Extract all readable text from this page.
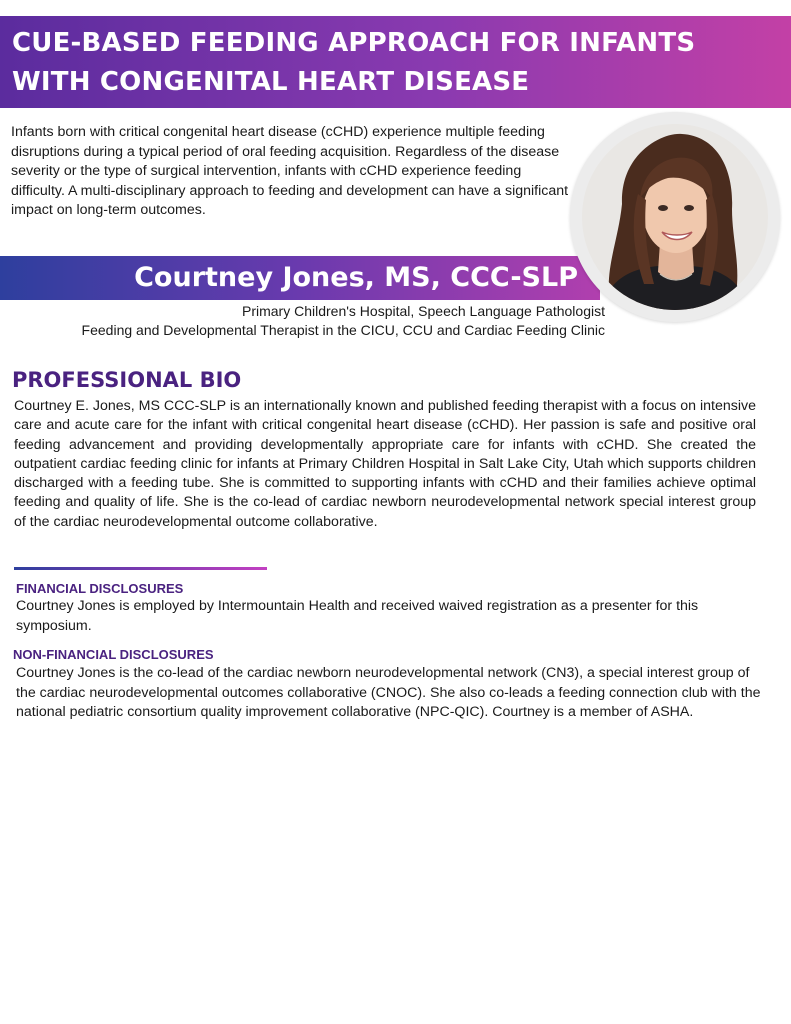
CUE-BASED FEEDING APPROACH FOR INFANTS WITH CONGENITAL HEART DISEASE
Infants born with critical congenital heart disease (cCHD) experience multiple feeding disruptions during a typical period of oral feeding acquisition. Regardless of the disease severity or the type of surgical intervention, infants with cCHD experience feeding difficulty. A multi-disciplinary approach to feeding and development can have a significant impact on long-term outcomes.
Courtney Jones, MS, CCC-SLP
Primary Children's Hospital, Speech Language Pathologist
Feeding and Developmental Therapist in the CICU, CCU and Cardiac Feeding Clinic
PROFESSIONAL BIO
Courtney E. Jones, MS CCC-SLP is an internationally known and published feeding therapist with a focus on intensive care and acute care for the infant with critical congenital heart disease (cCHD). Her passion is safe and positive oral feeding advancement and providing developmentally appropriate care for infants with cCHD. She created the outpatient cardiac feeding clinic for infants at Primary Children Hospital in Salt Lake City, Utah which supports children discharged with a feeding tube. She is committed to supporting infants with cCHD and their families achieve optimal feeding and quality of life. She is the co-lead of cardiac newborn neurodevelopmental network special interest group of the cardiac neurodevelopmental outcome collaborative.
FINANCIAL DISCLOSURES
Courtney Jones is employed by Intermountain Health and received waived registration as a presenter for this symposium.
NON-FINANCIAL DISCLOSURES
Courtney Jones is the co-lead of the cardiac newborn neurodevelopmental network (CN3), a special interest group of the cardiac neurodevelopmental outcomes collaborative (CNOC). She also co-leads a feeding connection club with the national pediatric consortium quality improvement collaborative (NPC-QIC). Courtney is a member of ASHA.
